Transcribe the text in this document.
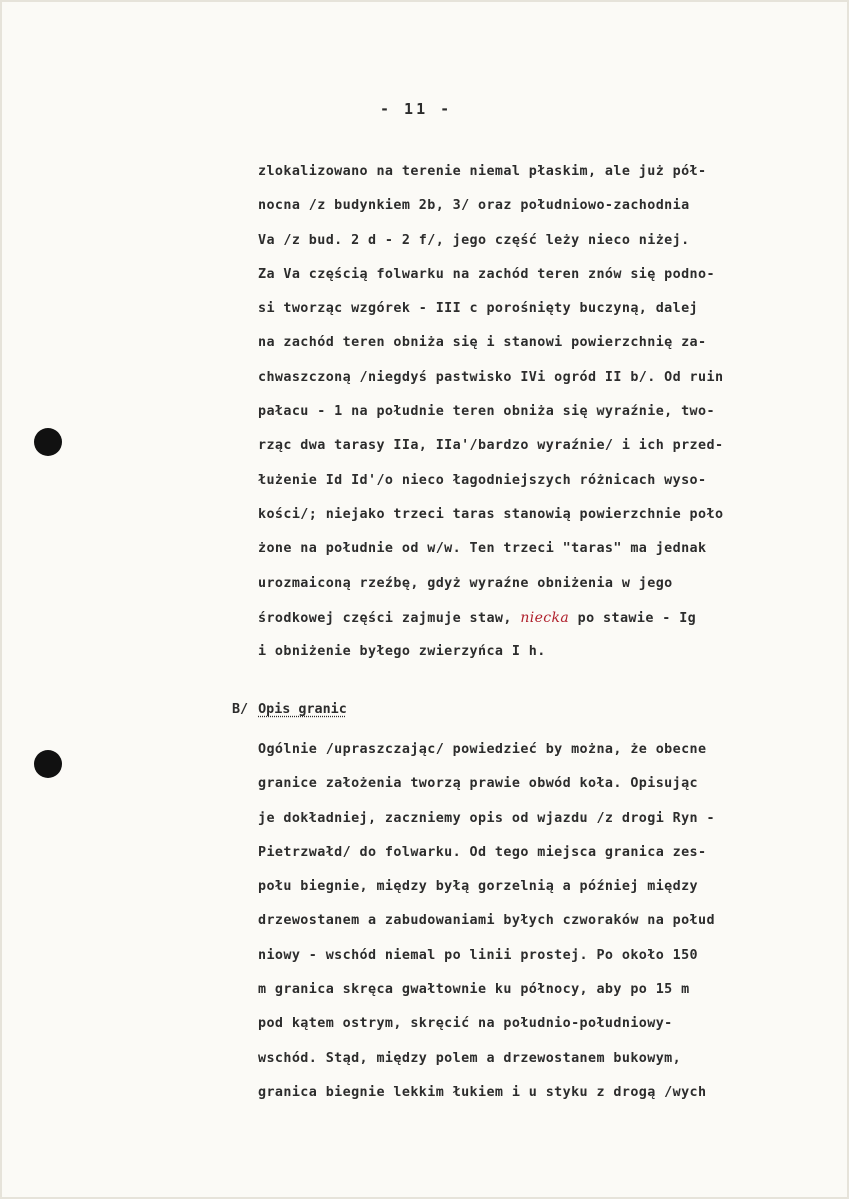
- 11 -
zlokalizowano na terenie niemal płaskim, ale już pół-
nocna /z budynkiem 2b, 3/ oraz południowo-zachodnia
Va /z bud. 2 d - 2 f/, jego część leży nieco niżej.
Za Va częścią folwarku na zachód teren znów się podno-
si tworząc wzgórek - III c porośnięty buczyną, dalej
na zachód teren obniża się i stanowi powierzchnię za-
chwaszczoną /niegdyś pastwisko IVi ogród II b/. Od ruin
pałacu - 1 na południe teren obniża się wyraźnie, two-
rząc dwa tarasy IIa, IIa'/bardzo wyraźnie/ i ich przed-
łużenie Id Id'/o nieco łagodniejszych różnicach wyso-
kości/; niejako trzeci taras stanowią powierzchnie poło
żone na południe od w/w. Ten trzeci "taras" ma jednak
urozmaiconą rzeźbę, gdyż wyraźne obniżenia w jego
środkowej części zajmuje staw, niecka po stawie - Ig
i obniżenie byłego zwierzyńca I h.
B/ Opis granic
Ogólnie /upraszczając/ powiedzieć by można, że obecne
granice założenia tworzą prawie obwód koła. Opisując
je dokładniej, zaczniemy opis od wjazdu /z drogi Ryn -
Pietrzwałd/ do folwarku. Od tego miejsca granica zes-
połu biegnie, między byłą gorzelnią a później między
drzewostanem a zabudowaniami byłych czworaków na połud
niowy - wschód niemal po linii prostej. Po około 150
m granica skręca gwałtownie ku północy, aby po 15 m
pod kątem ostrym, skręcić na południo-południowy-
wschód. Stąd, między polem a drzewostanem bukowym,
granica biegnie lekkim łukiem i u styku z drogą /wych
